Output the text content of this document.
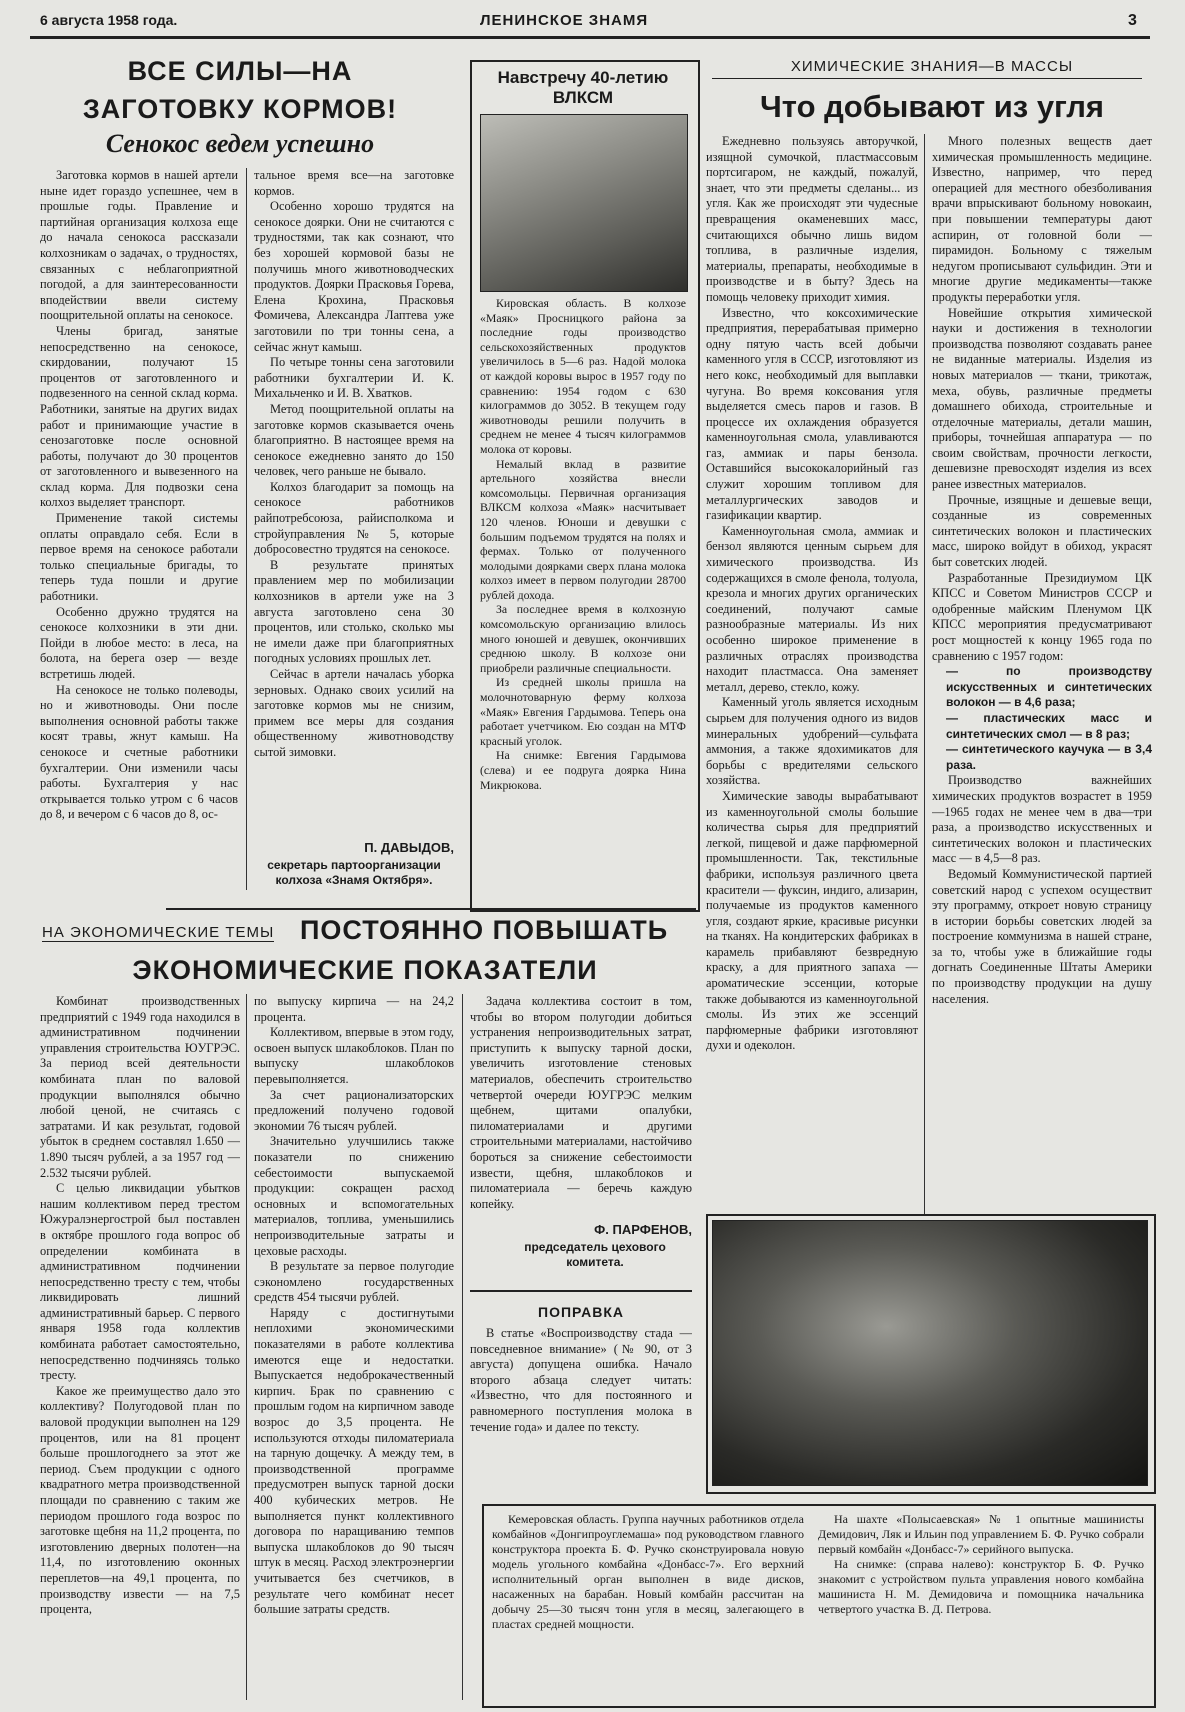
6 августа 1958 года.	ЛЕНИНСКОЕ ЗНАМЯ	3
ВСЕ СИЛЫ—НА ЗАГОТОВКУ КОРМОВ!
Сенокос ведем успешно

Заготовка кормов в нашей артели ныне идет гораздо успешнее, чем в прошлые годы. Правление и партийная организация колхоза еще до начала сенокоса рассказали колхозникам о задачах, о трудностях, связанных с неблагоприятной погодой, а для заинтересованности вподействии ввели систему поощрительной оплаты на сенокосе.

Члены бригад, занятые непосредственно на сенокосе, скирдовании, получают 15 процентов от заготовленного и подвезенного на сенной склад корма. Работники, занятые на других видах работ и принимающие участие в сенозаготовке после основной работы, получают до 30 процентов от заготовленного и вывезенного на склад корма. Для подвозки сена колхоз выделяет транспорт.

Применение такой системы оплаты оправдало себя. Если в первое время на сенокосе работали только специальные бригады, то теперь туда пошли и другие работники.

Особенно дружно трудятся на сенокосе колхозники в эти дни. Пойди в любое место: в леса, на болота, на берега озер — везде встретишь людей.

На сенокосе не только полеводы, но и животноводы. Они после выполнения основной работы также косят травы, жнут камыш. На сенокосе и счетные работники бухгалтерии. Они изменили часы работы. Бухгалтерия у нас открывается только утром с 6 часов до 8, и вечером с 6 часов до 8, ос-

тальное время все—на заготовке кормов.

Особенно хорошо трудятся на сенокосе доярки. Они не считаются с трудностями, так как сознают, что без хорошей кормовой базы не получишь много животноводческих продуктов. Доярки Прасковья Горева, Елена Крохина, Прасковья Фомичева, Александра Лаптева уже заготовили по три тонны сена, а сейчас жнут камыш.

По четыре тонны сена заготовили работники бухгалтерии И. К. Михальченко и И. В. Хватков.

Метод поощрительной оплаты на заготовке кормов сказывается очень благоприятно. В настоящее время на сенокосе ежедневно занято до 150 человек, чего раньше не бывало.

Колхоз благодарит за помощь на сенокосе работников райпотребсоюза, райисполкома и стройуправления № 5, которые добросовестно трудятся на сенокосе.

В результате принятых правлением мер по мобилизации колхозников в артели уже на 3 августа заготовлено сена 30 процентов, или столько, сколько мы не имели даже при благоприятных погодных условиях прошлых лет.

Сейчас в артели началась уборка зерновых. Однако своих усилий на заготовке кормов мы не снизим, примем все меры для создания общественному животноводству сытой зимовки.

П. ДАВЫДОВ,
секретарь партоорганизации колхоза «Знамя Октября».
Навстречу 40-летию ВЛКСМ

Кировская область. В колхозе «Маяк» Просницкого района за последние годы производство сельскохозяйственных продуктов увеличилось в 5—6 раз. Надой молока от каждой коровы вырос в 1957 году по сравнению: 1954 годом с 630 килограммов до 3052. В текущем году животноводы решили получить в среднем не менее 4 тысяч килограммов молока от коровы.

Немалый вклад в развитие артельного хозяйства внесли комсомольцы. Первичная организация ВЛКСМ колхоза «Маяк» насчитывает 120 членов. Юноши и девушки с большим подъемом трудятся на полях и фермах. Только от полученного молодыми доярками сверх плана молока колхоз имеет в первом полугодии 28700 рублей дохода.

За последнее время в колхозную комсомольскую организацию влилось много юношей и девушек, окончивших среднюю школу. В колхозе они приобрели различные специальности.

Из средней школы пришла на молочнотоварную ферму колхоза «Маяк» Евгения Гардымова. Теперь она работает учетчиком. Ею создан на МТФ красный уголок.

На снимке: Евгения Гардымова (слева) и ее подруга доярка Нина Микрюкова.

ХИМИЧЕСКИЕ ЗНАНИЯ—В МАССЫ
Что добывают из угля

Ежедневно пользуясь авторучкой, изящной сумочкой, пластмассовым портсигаром, не каждый, пожалуй, знает, что эти предметы сделаны... из угля. Как же происходят эти чудесные превращения окаменевших масс, считающихся обычно лишь видом топлива, в различные изделия, материалы, препараты, необходимые в производстве и в быту? Здесь на помощь человеку приходит химия.

Известно, что коксохимические предприятия, перерабатывая примерно одну пятую часть всей добычи каменного угля в СССР, изготовляют из него кокс, необходимый для выплавки чугуна. Во время коксования угля выделяется смесь паров и газов. В процессе их охлаждения образуется каменноугольная смола, улавливаются газ, аммиак и пары бензола. Оставшийся высококалорийный газ служит хорошим топливом для металлургических заводов и газификации квартир.

Каменноугольная смола, аммиак и бензол являются ценным сырьем для химического производства. Из содержащихся в смоле фенола, толуола, крезола и многих других органических соединений, получают самые разнообразные материалы. Из них особенно широкое применение в различных отраслях производства находит пластмасса. Она заменяет металл, дерево, стекло, кожу.

Каменный уголь является исходным сырьем для получения одного из видов минеральных удобрений—сульфата аммония, а также ядохимикатов для борьбы с вредителями сельского хозяйства.

Химические заводы вырабатывают из каменноугольной смолы большие количества сырья для предприятий легкой, пищевой и даже парфюмерной промышленности. Так, текстильные фабрики, используя различного цвета красители — фуксин, индиго, ализарин, получаемые из продуктов каменного угля, создают яркие, красивые рисунки на тканях. На кондитерских фабриках в карамель прибавляют безвредную краску, а для приятного запаха — ароматические эссенции, которые также добываются из каменноугольной смолы. Из этих же эссенций парфюмерные фабрики изготовляют духи и одеколон.

Много полезных веществ дает химическая промышленность медицине. Известно, например, что перед операцией для местного обезболивания врачи впрыскивают больному новокаин, при повышении температуры дают аспирин, от головной боли — пирамидон. Больному с тяжелым недугом прописывают сульфидин. Эти и многие другие медикаменты—также продукты переработки угля.

Новейшие открытия химической науки и достижения в технологии производства позволяют создавать ранее не виданные материалы. Изделия из новых материалов — ткани, трикотаж, меха, обувь, различные предметы домашнего обихода, строительные и отделочные материалы, детали машин, приборы, точнейшая аппаратура — по своим свойствам, прочности легкости, дешевизне превосходят изделия из всех ранее известных материалов.

Прочные, изящные и дешевые вещи, созданные из современных синтетических волокон и пластических масс, широко войдут в обиход, украсят быт советских людей.

Разработанные Президиумом ЦК КПСС и Советом Министров СССР и одобренные майским Пленумом ЦК КПСС мероприятия предусматривают рост мощностей к концу 1965 года по сравнению с 1957 годом:

— по производству искусственных и синтетических волокон — в 4,6 раза;

— пластических масс и синтетических смол — в 8 раз;

— синтетического каучука — в 3,4 раза.

Производство важнейших химических продуктов возрастет в 1959—1965 годах не менее чем в два—три раза, а производство искусственных и синтетических волокон и пластических масс — в 4,5—8 раз.

Ведомый Коммунистической партией советский народ с успехом осуществит эту программу, откроет новую страницу в истории борьбы советских людей за построение коммунизма в нашей стране, за то, чтобы уже в ближайшие годы догнать Соединенные Штаты Америки по производству продукции на душу населения.

НА ЭКОНОМИЧЕСКИЕ ТЕМЫ ПОСТОЯННО ПОВЫШАТЬ
ЭКОНОМИЧЕСКИЕ ПОКАЗАТЕЛИ

Комбинат производственных предприятий с 1949 года находился в административном подчинении управления строительства ЮУГРЭС. За период всей деятельности комбината план по валовой продукции выполнялся обычно любой ценой, не считаясь с затратами. И как результат, годовой убыток в среднем составлял 1.650 —1.890 тысяч рублей, а за 1957 год — 2.532 тысячи рублей.

С целью ликвидации убытков нашим коллективом перед трестом Южуралэнергострой был поставлен в октябре прошлого года вопрос об определении комбината в административном подчинении непосредственно тресту с тем, чтобы ликвидировать лишний административный барьер. С первого января 1958 года коллектив комбината работает самостоятельно, непосредственно подчиняясь только тресту.

Какое же преимущество дало это коллективу? Полугодовой план по валовой продукции выполнен на 129 процентов, или на 81 процент больше прошлогоднего за этот же период. Съем продукции с одного квадратного метра производственной площади по сравнению с таким же периодом прошлого года возрос по заготовке щебня на 11,2 процента, по изготовлению дверных полотен—на 11,4, по изготовлению оконных переплетов—на 49,1 процента, по производству извести — на 7,5 процента,

по выпуску кирпича — на 24,2 процента.

Коллективом, впервые в этом году, освоен выпуск шлакоблоков. План по выпуску шлакоблоков перевыполняется.

За счет рационализаторских предложений получено годовой экономии 76 тысяч рублей.

Значительно улучшились также показатели по снижению себестоимости выпускаемой продукции: сокращен расход основных и вспомогательных материалов, топлива, уменьшились непроизводительные затраты и цеховые расходы.

В результате за первое полугодие сэкономлено государственных средств 454 тысячи рублей.

Наряду с достигнутыми неплохими экономическими показателями в работе коллектива имеются еще и недостатки. Выпускается недоброкачественный кирпич. Брак по сравнению с прошлым годом на кирпичном заводе возрос до 3,5 процента. Не используются отходы пиломатериала на тарную дощечку. А между тем, в производственной программе предусмотрен выпуск тарной доски 400 кубических метров. Не выполняется пункт коллективного договора по наращиванию темпов выпуска шлакоблоков до 90 тысяч штук в месяц. Расход электроэнергии учитывается без счетчиков, в результате чего комбинат несет большие затраты средств.

Задача коллектива состоит в том, чтобы во втором полугодии добиться устранения непроизводительных затрат, приступить к выпуску тарной доски, увеличить изготовление стеновых материалов, обеспечить строительство четвертой очереди ЮУГРЭС мелким щебнем, щитами опалубки, пиломатериалами и другими строительными материалами, настойчиво бороться за снижение себестоимости извести, щебня, шлакоблоков и пиломатериала — беречь каждую копейку.

Ф. ПАРФЕНОВ,
председатель цехового комитета.
ПОПРАВКА

В статье «Воспроизводству стада — повседневное внимание» (№ 90, от 3 августа) допущена ошибка. Начало второго абзаца следует читать: «Известно, что для постоянного и равномерного поступления молока в течение года» и далее по тексту.

Кемеровская область. Группа научных работников отдела комбайнов «Донгипроуглемаша» под руководством главного конструктора проекта Б. Ф. Ручко сконструировала новую модель угольного комбайна «Донбасс-7». Его верхний исполнительный орган выполнен в виде дисков, насаженных на барабан. Новый комбайн рассчитан на добычу 25—30 тысяч тонн угля в месяц, залегающего в пластах средней мощности.

На шахте «Полысаевская» № 1 опытные машинисты Демидович, Ляк и Ильин под управлением Б. Ф. Ручко собрали первый комбайн «Донбасс-7» серийного выпуска.

На снимке: (справа налево): конструктор Б. Ф. Ручко знакомит с устройством пульта управления нового комбайна машиниста Н. М. Демидовича и помощника начальника четвертого участка В. Д. Петрова.
